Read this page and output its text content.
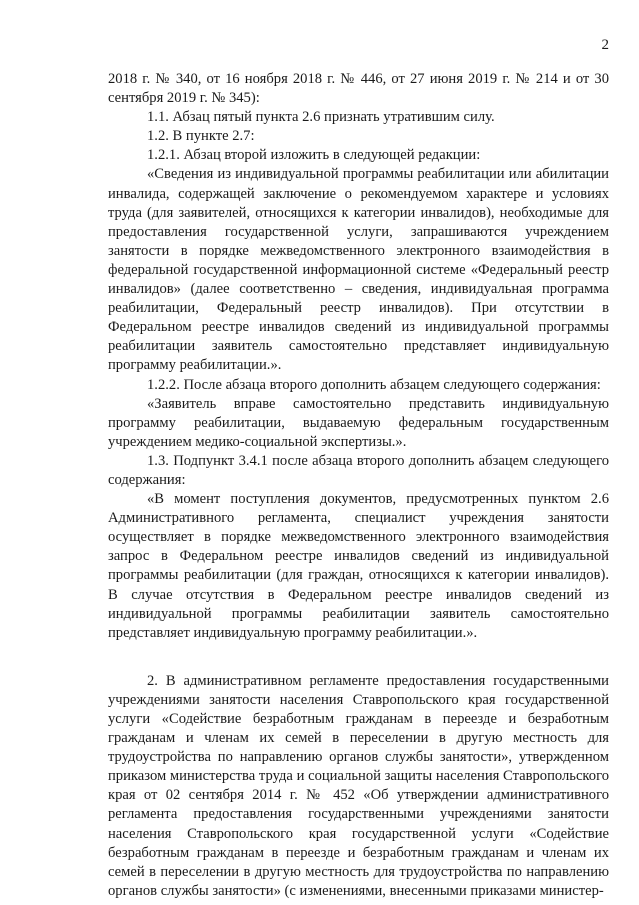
2

2018 г. № 340, от 16 ноября 2018 г. № 446, от 27 июня 2019 г. № 214 и от 30 сентября 2019 г. № 345):

1.1. Абзац пятый пункта 2.6 признать утратившим силу.

1.2. В пункте 2.7:

1.2.1. Абзац второй изложить в следующей редакции:

«Сведения из индивидуальной программы реабилитации или абилитации инвалида, содержащей заключение о рекомендуемом характере и условиях труда (для заявителей, относящихся к категории инвалидов), необходимые для предоставления государственной услуги, запрашиваются учреждением занятости в порядке межведомственного электронного взаимодействия в федеральной государственной информационной системе «Федеральный реестр инвалидов» (далее соответственно – сведения, индивидуальная программа реабилитации, Федеральный реестр инвалидов). При отсутствии в Федеральном реестре инвалидов сведений из индивидуальной программы реабилитации заявитель самостоятельно представляет индивидуальную программу реабилитации.».

1.2.2. После абзаца второго дополнить абзацем следующего содержания:

«Заявитель вправе самостоятельно представить индивидуальную программу реабилитации, выдаваемую федеральным государственным учреждением медико-социальной экспертизы.».

1.3. Подпункт 3.4.1 после абзаца второго дополнить абзацем следующего содержания:

«В момент поступления документов, предусмотренных пунктом 2.6 Административного регламента, специалист учреждения занятости осуществляет в порядке межведомственного электронного взаимодействия запрос в Федеральном реестре инвалидов сведений из индивидуальной программы реабилитации (для граждан, относящихся к категории инвалидов). В случае отсутствия в Федеральном реестре инвалидов сведений из индивидуальной программы реабилитации заявитель самостоятельно представляет индивидуальную программу реабилитации.».

2. В административном регламенте предоставления государственными учреждениями занятости населения Ставропольского края государственной услуги «Содействие безработным гражданам в переезде и безработным гражданам и членам их семей в переселении в другую местность для трудоустройства по направлению органов службы занятости», утвержденном приказом министерства труда и социальной защиты населения Ставропольского края от 02 сентября 2014 г. № 452 «Об утверждении административного регламента предоставления государственными учреждениями занятости населения Ставропольского края государственной услуги «Содействие безработным гражданам в переезде и безработным гражданам и членам их семей в переселении в другую местность для трудоустройства по направлению органов службы занятости» (с изменениями, внесенными приказами министер-
